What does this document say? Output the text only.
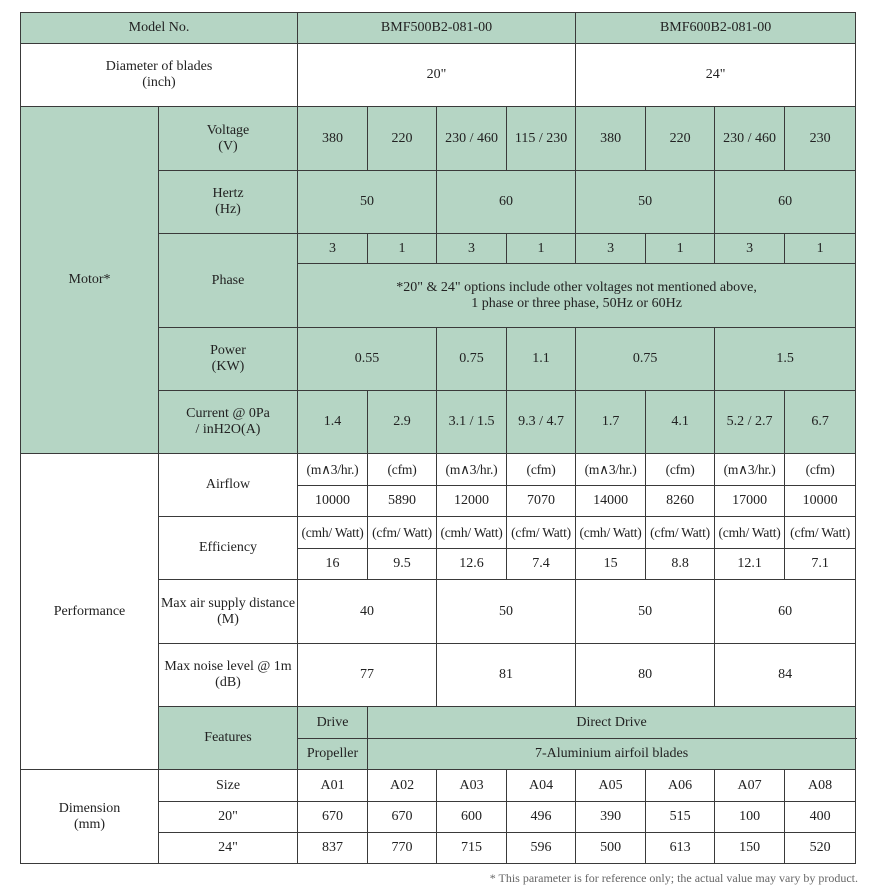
Model No.		BMF500B2-081-00				BMF600B2-081-00			

Diameter of blades
(inch)		20"				24"			
Motor*	Voltage
(V)	380	220	230 / 460	115 / 230	380	220	230 / 460	230

	Hertz
(Hz)	50		60		50		60	
	Phase	3	1	3	1	3	1	3	1

		*20" & 24" options include other voltages not mentioned above,
1 phase or three phase, 50Hz or 60Hz							

	Power
(KW)	0.55		0.75	1.1	0.75		1.5	

	Current @ 0Pa
/ inH2O(A)	1.4	2.9	3.1 / 1.5	9.3 / 4.7	1.7	4.1	5.2 / 2.7	6.7
Performance	Airflow	(m∧3/hr.)	(cfm)	(m∧3/hr.)	(cfm)	(m∧3/hr.)	(cfm)	(m∧3/hr.)	(cfm)
		10000	5890	12000	7070	14000	8260	17000	10000
	Efficiency	(cmh/ Watt)	(cfm/ Watt)	(cmh/ Watt)	(cfm/ Watt)	(cmh/ Watt)	(cfm/ Watt)	(cmh/ Watt)	(cfm/ Watt)
		16	9.5	12.6	7.4	15	8.8	12.1	7.1

	Max air supply distance
(M)	40		50		50		60	

	Max noise level @ 1m
(dB)	77		81		80		84	
	Features	Drive	Direct Drive						
		Propeller	7-Aluminium airfoil blades						

Dimension
(mm)	Size	A01	A02	A03	A04	A05	A06	A07	A08
	20"	670	670	600	496	390	515	100	400
	24"	837	770	715	596	500	613	150	520
* This parameter is for reference only; the actual value may vary by product.
